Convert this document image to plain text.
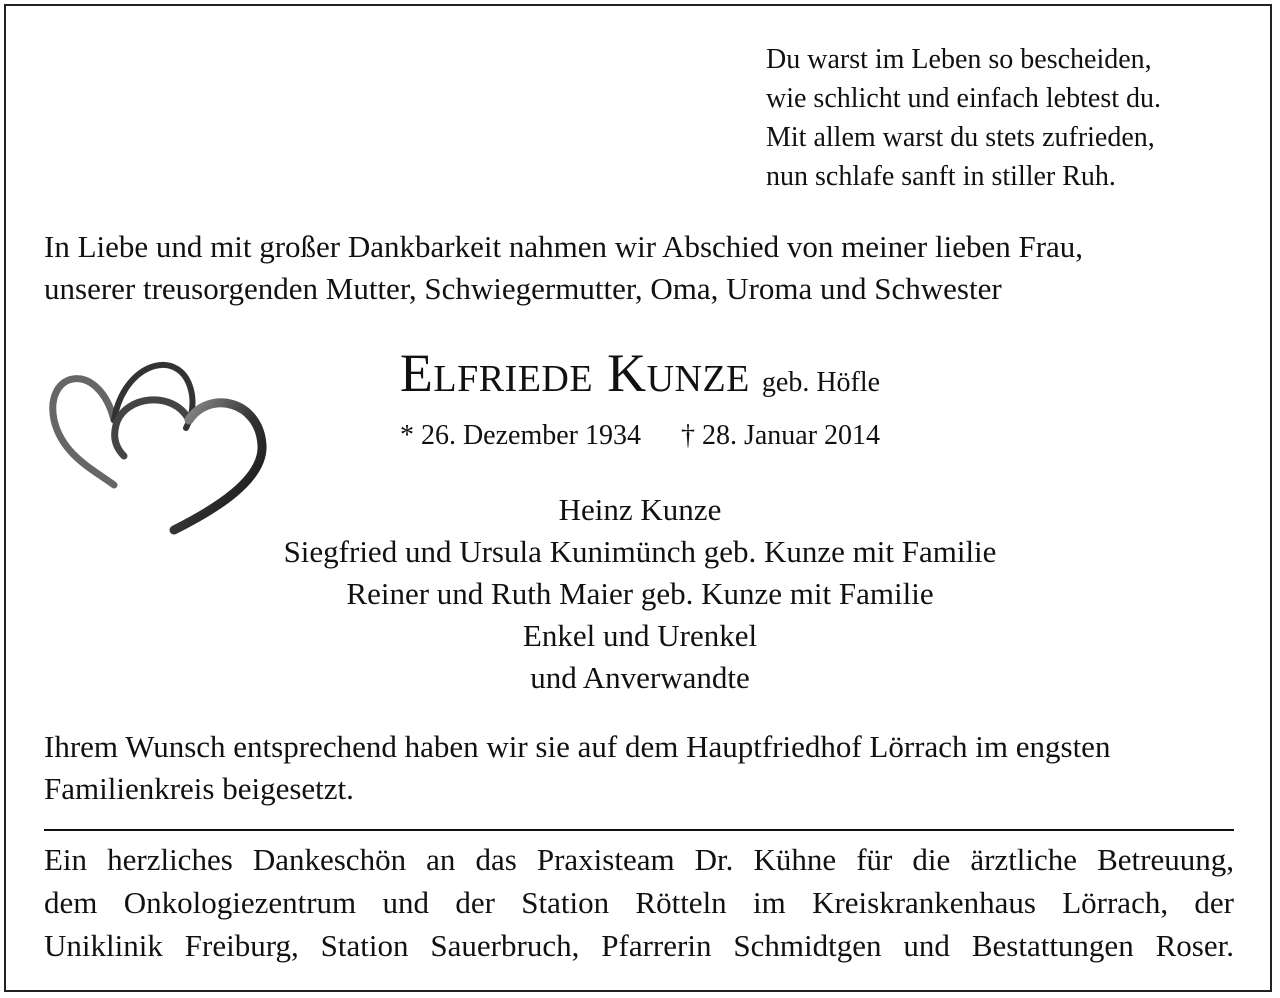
Du warst im Leben so bescheiden,
wie schlicht und einfach lebtest du.
Mit allem warst du stets zufrieden,
nun schlafe sanft in stiller Ruh.
In Liebe und mit großer Dankbarkeit nahmen wir Abschied von meiner lieben Frau,
unserer treusorgenden Mutter, Schwiegermutter, Oma, Uroma und Schwester
Elfriede Kunze geb. Höfle
* 26. Dezember 1934 † 28. Januar 2014
Heinz Kunze
Siegfried und Ursula Kunimünch geb. Kunze mit Familie
Reiner und Ruth Maier geb. Kunze mit Familie
Enkel und Urenkel
und Anverwandte
Ihrem Wunsch entsprechend haben wir sie auf dem Hauptfriedhof Lörrach im engsten
Familienkreis beigesetzt.
Ein herzliches Dankeschön an das Praxisteam Dr. Kühne für die ärztliche Betreuung,
dem Onkologiezentrum und der Station Rötteln im Kreiskrankenhaus Lörrach, der
Uniklinik Freiburg, Station Sauerbruch, Pfarrerin Schmidtgen und Bestattungen Roser.
